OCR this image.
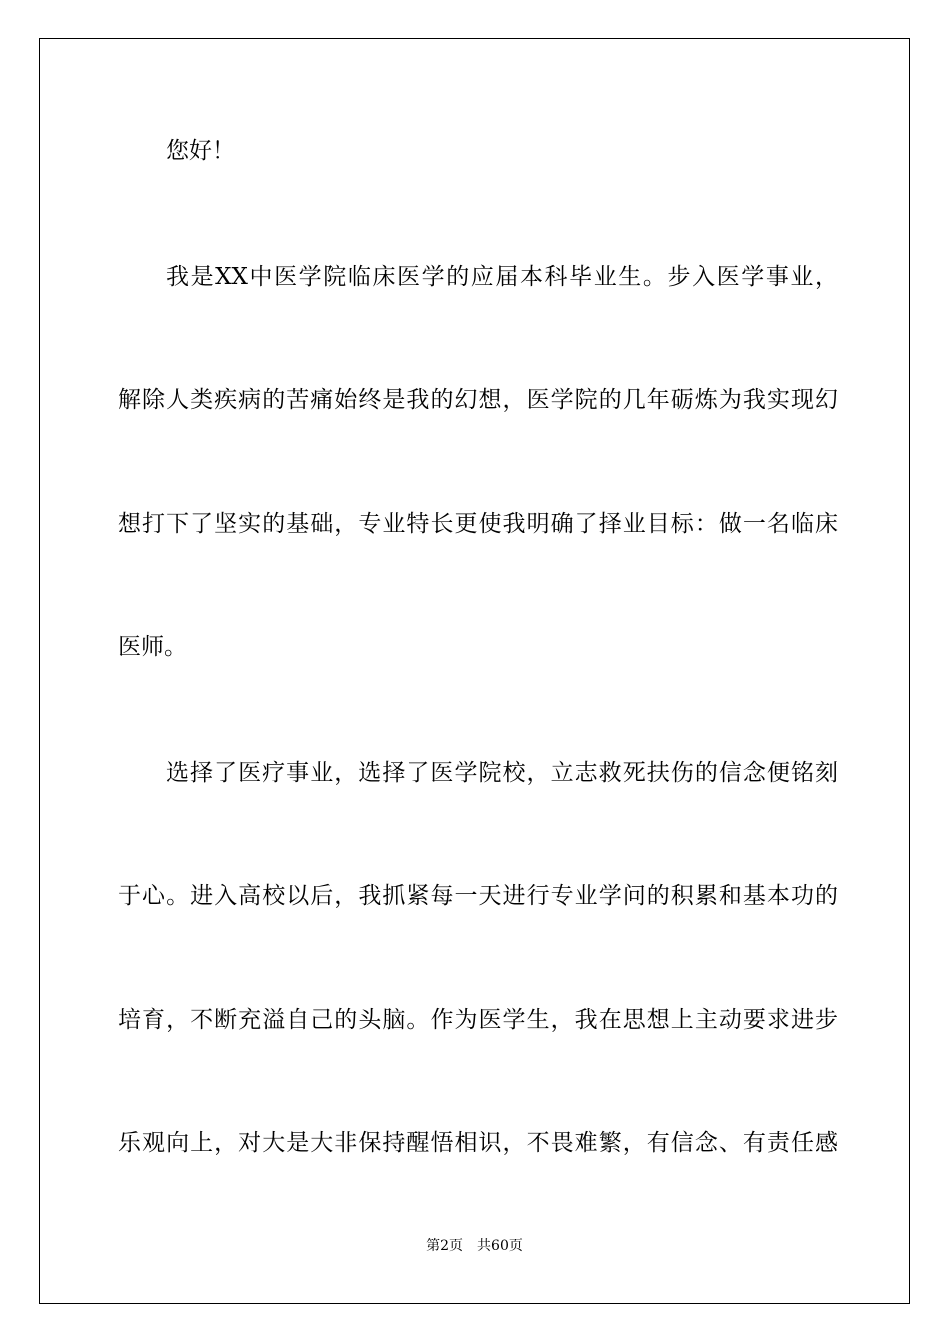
您好！
我是XX中医学院临床医学的应届本科毕业生。步入医学事业，
解除人类疾病的苦痛始终是我的幻想，医学院的几年砺炼为我实现幻
想打下了坚实的基础，专业特长更使我明确了择业目标：做一名临床
医师。
选择了医疗事业，选择了医学院校，立志救死扶伤的信念便铭刻
于心。进入高校以后，我抓紧每一天进行专业学问的积累和基本功的
培育，不断充溢自己的头脑。作为医学生，我在思想上主动要求进步
乐观向上，对大是大非保持醒悟相识，不畏难繁，有信念、有责任感
第2页 共60页
